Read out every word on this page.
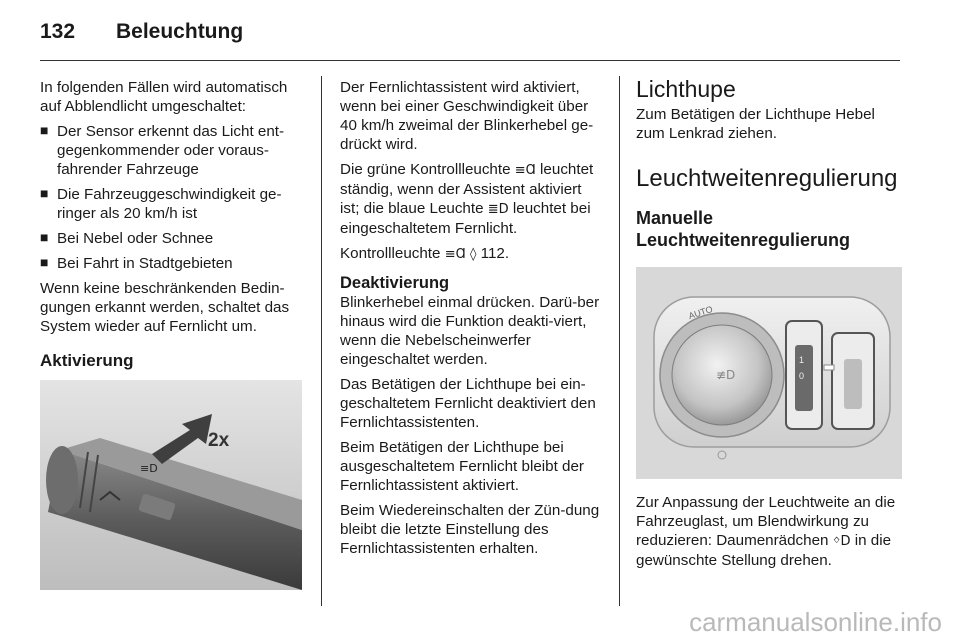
132 Beleuchtung

In folgenden Fällen wird automatisch auf Abblendlicht umgeschaltet:

■ Der Sensor erkennt das Licht ent-gegenkommender oder voraus-fahrender Fahrzeuge
■ Die Fahrzeuggeschwindigkeit ge-ringer als 20 km/h ist
■ Bei Nebel oder Schnee
■ Bei Fahrt in Stadtgebieten

Wenn keine beschränkenden Bedin-gungen erkannt werden, schaltet das System wieder auf Fernlicht um.

Aktivierung
2x
≡D

Der Fernlichtassistent wird aktiviert, wenn bei einer Geschwindigkeit über 40 km/h zweimal der Blinkerhebel ge-drückt wird.

Die grüne Kontrollleuchte ≡Ɑ leuchtet ständig, wenn der Assistent aktiviert ist; die blaue Leuchte ≣D leuchtet bei eingeschaltetem Fernlicht.

Kontrollleuchte ≡Ɑ ◊ 112.

Deaktivierung

Blinkerhebel einmal drücken. Darü-ber hinaus wird die Funktion deakti-viert, wenn die Nebelscheinwerfer eingeschaltet werden.

Das Betätigen der Lichthupe bei ein-geschaltetem Fernlicht deaktiviert den Fernlichtassistenten.

Beim Betätigen der Lichthupe bei ausgeschaltetem Fernlicht bleibt der Fernlichtassistent aktiviert.

Beim Wiedereinschalten der Zün-dung bleibt die letzte Einstellung des Fernlichtassistenten erhalten.

Lichthupe

Zum Betätigen der Lichthupe Hebel zum Lenkrad ziehen.

Leuchtweitenregulierung
Manuelle
Leuchtweitenregulierung
AUTO
≢D
1
0

Zur Anpassung der Leuchtweite an die Fahrzeuglast, um Blendwirkung zu reduzieren: Daumenrädchen ᛜD in die gewünschte Stellung drehen.

carmanualsonline.info
